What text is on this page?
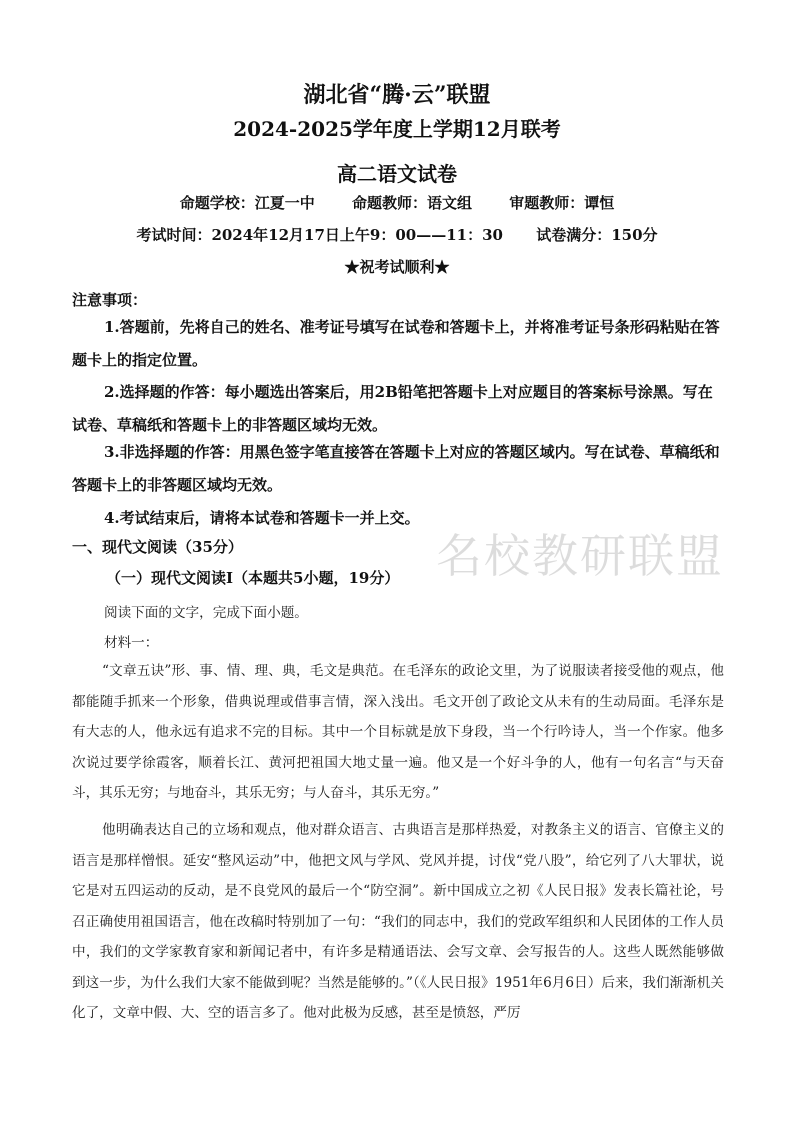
名校教研联盟
湖北省“腾·云”联盟
2024-2025学年度上学期12月联考
高二语文试卷
命题学校：江夏一中 命题教师：语文组 审题教师：谭恒
考试时间：2024年12月17日上午9：00——11：30 试卷满分：150分
★祝考试顺利★
注意事项：
1.答题前，先将自己的姓名、准考证号填写在试卷和答题卡上，并将准考证号条形码粘贴在答题卡上的指定位置。
2.选择题的作答：每小题选出答案后，用2B铅笔把答题卡上对应题目的答案标号涂黑。写在试卷、草稿纸和答题卡上的非答题区域均无效。
3.非选择题的作答：用黑色签字笔直接答在答题卡上对应的答题区域内。写在试卷、草稿纸和答题卡上的非答题区域均无效。
4.考试结束后，请将本试卷和答题卡一并上交。
一、现代文阅读（35分）
（一）现代文阅读Ⅰ（本题共5小题，19分）
阅读下面的文字，完成下面小题。
材料一：
“文章五诀”形、事、情、理、典，毛文是典范。在毛泽东的政论文里，为了说服读者接受他的观点，他都能随手抓来一个形象，借典说理或借事言情，深入浅出。毛文开创了政论文从未有的生动局面。毛泽东是有大志的人，他永远有追求不完的目标。其中一个目标就是放下身段，当一个行吟诗人，当一个作家。他多次说过要学徐霞客，顺着长江、黄河把祖国大地丈量一遍。他又是一个好斗争的人，他有一句名言“与天奋斗，其乐无穷；与地奋斗，其乐无穷；与人奋斗，其乐无穷。”
他明确表达自己的立场和观点，他对群众语言、古典语言是那样热爱，对教条主义的语言、官僚主义的语言是那样憎恨。延安“整风运动”中，他把文风与学风、党风并提，讨伐“党八股”，给它列了八大罪状，说它是对五四运动的反动，是不良党风的最后一个“防空洞”。新中国成立之初《人民日报》发表长篇社论，号召正确使用祖国语言，他在改稿时特别加了一句：“我们的同志中，我们的党政军组织和人民团体的工作人员中，我们的文学家教育家和新闻记者中，有许多是精通语法、会写文章、会写报告的人。这些人既然能够做到这一步，为什么我们大家不能做到呢？当然是能够的。”（《人民日报》1951年6月6日）后来，我们渐渐机关化了，文章中假、大、空的语言多了。他对此极为反感，甚至是愤怒，严厉
